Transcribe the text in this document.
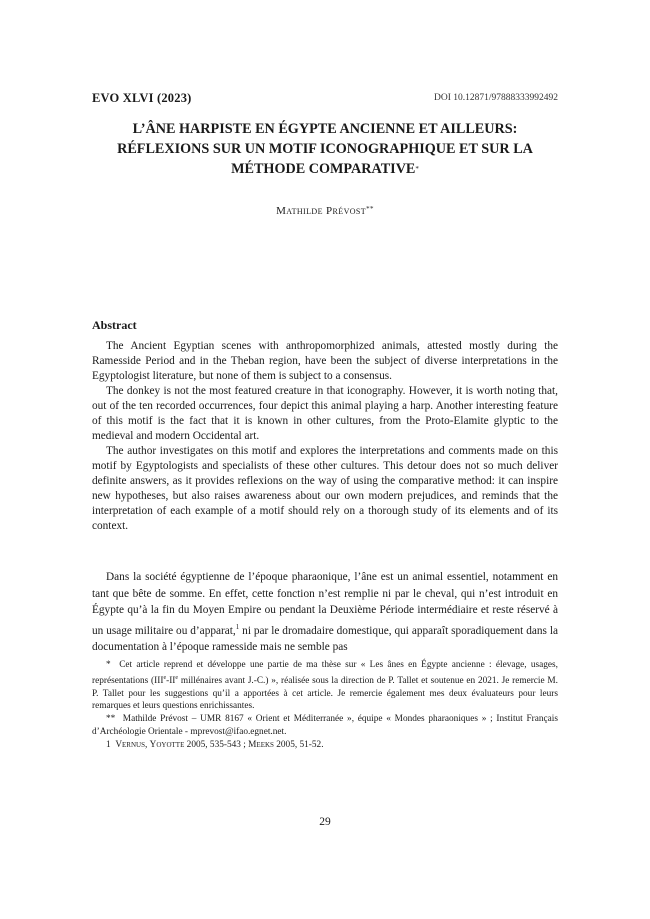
EVO XLVI (2023)	DOI 10.12871/97888333992492
L’ÂNE HARPISTE EN ÉGYPTE ANCIENNE ET AILLEURS:
RÉFLEXIONS SUR UN MOTIF ICONOGRAPHIQUE ET SUR LA
MÉTHODE COMPARATIVE*
Mathilde Prévost**
Abstract

The Ancient Egyptian scenes with anthropomorphized animals, attested mostly during the Ramesside Period and in the Theban region, have been the subject of diverse interpretations in the Egyptologist literature, but none of them is subject to a consensus.

The donkey is not the most featured creature in that iconography. However, it is worth noting that, out of the ten recorded occurrences, four depict this animal playing a harp. Another interesting feature of this motif is the fact that it is known in other cultures, from the Proto-Elamite glyptic to the medieval and modern Occidental art.

The author investigates on this motif and explores the interpretations and comments made on this motif by Egyptologists and specialists of these other cultures. This detour does not so much deliver definite answers, as it provides reflexions on the way of using the comparative method: it can inspire new hypotheses, but also raises awareness about our own modern prejudices, and reminds that the interpretation of each example of a motif should rely on a thorough study of its elements and of its context.

Dans la société égyptienne de l’époque pharaonique, l’âne est un animal essentiel, notamment en tant que bête de somme. En effet, cette fonction n’est remplie ni par le cheval, qui n’est introduit en Égypte qu’à la fin du Moyen Empire ou pendant la Deuxième Période intermédiaire et reste réservé à un usage militaire ou d’apparat,$^1$ ni par le dromadaire domestique, qui apparaît sporadiquement dans la documentation à l’époque ramesside mais ne semble pas

* Cet article reprend et développe une partie de ma thèse sur « Les ânes en Égypte ancienne : élevage, usages, représentations (IIIe-IIe millénaires avant J.-C.) », réalisée sous la direction de P. Tallet et soutenue en 2021. Je remercie M. P. Tallet pour les suggestions qu’il a apportées à cet article. Je remercie également mes deux évaluateurs pour leurs remarques et leurs questions enrichissantes.

** Mathilde Prévost – UMR 8167 « Orient et Méditerranée », équipe « Mondes pharaoniques » ; Institut Français d’Archéologie Orientale - mprevost@ifao.egnet.net.

1 Vernus, Yoyotte 2005, 535-543 ; Meeks 2005, 51-52.

29
